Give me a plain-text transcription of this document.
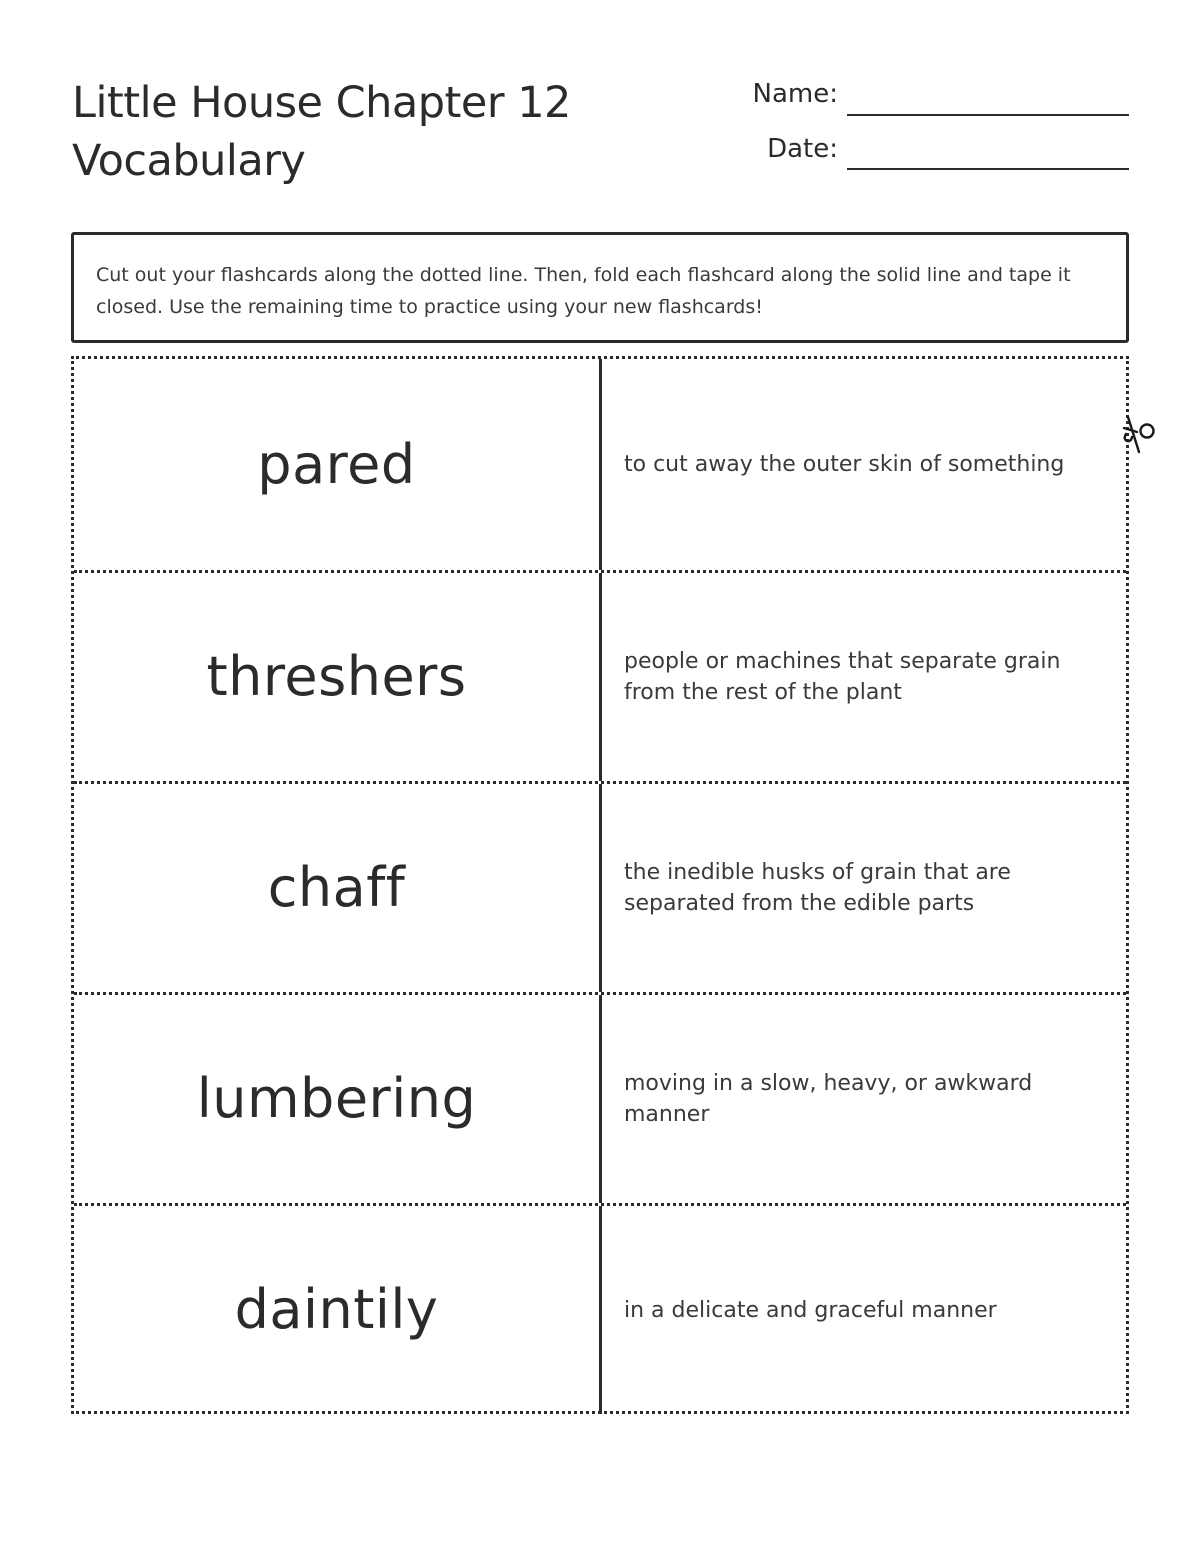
Little House Chapter 12
Vocabulary
Name:
Date:
Cut out your flashcards along the dotted line. Then, fold each flashcard along the solid line and tape it closed. Use the remaining time to practice using your new flashcards!
pared	to cut away the outer skin of something
threshers	people or machines that separate grain from the rest of the plant
chaff	the inedible husks of grain that are separated from the edible parts
lumbering	moving in a slow, heavy, or awkward manner
daintily	in a delicate and graceful manner
